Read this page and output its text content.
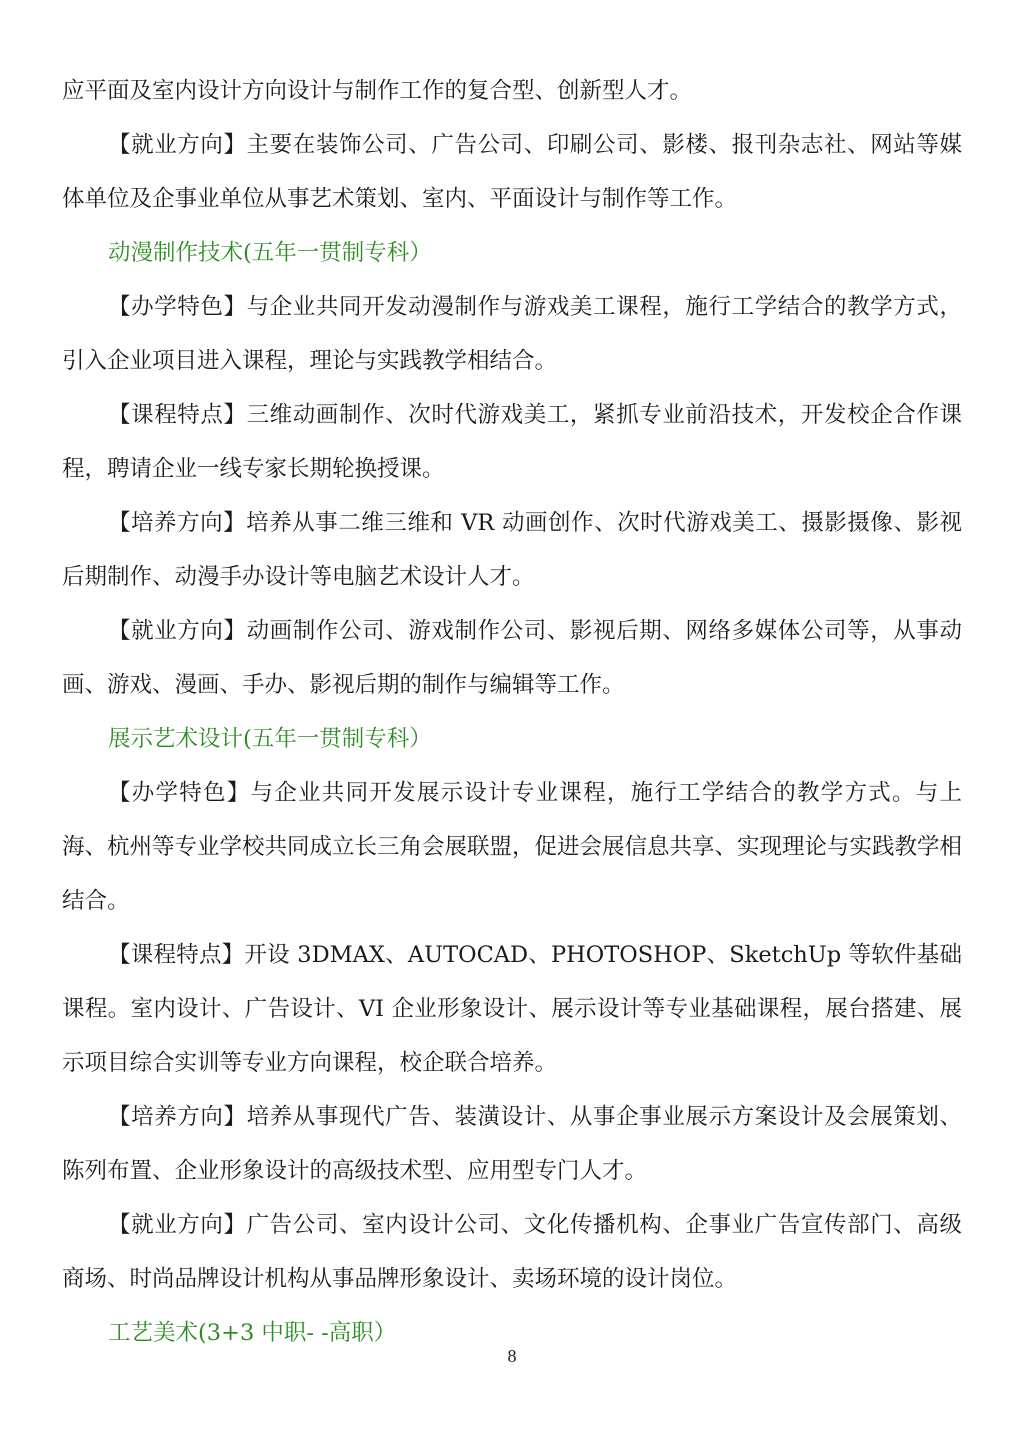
应平面及室内设计方向设计与制作工作的复合型、创新型人才。

【就业方向】主要在装饰公司、广告公司、印刷公司、影楼、报刊杂志社、网站等媒体单位及企事业单位从事艺术策划、室内、平面设计与制作等工作。

动漫制作技术(五年一贯制专科）

【办学特色】与企业共同开发动漫制作与游戏美工课程，施行工学结合的教学方式，引入企业项目进入课程，理论与实践教学相结合。

【课程特点】三维动画制作、次时代游戏美工，紧抓专业前沿技术，开发校企合作课程，聘请企业一线专家长期轮换授课。

【培养方向】培养从事二维三维和 VR 动画创作、次时代游戏美工、摄影摄像、影视后期制作、动漫手办设计等电脑艺术设计人才。

【就业方向】动画制作公司、游戏制作公司、影视后期、网络多媒体公司等，从事动画、游戏、漫画、手办、影视后期的制作与编辑等工作。

展示艺术设计(五年一贯制专科）

【办学特色】与企业共同开发展示设计专业课程，施行工学结合的教学方式。与上海、杭州等专业学校共同成立长三角会展联盟，促进会展信息共享、实现理论与实践教学相结合。

【课程特点】开设 3DMAX、AUTOCAD、PHOTOSHOP、SketchUp 等软件基础课程。室内设计、广告设计、VI 企业形象设计、展示设计等专业基础课程，展台搭建、展示项目综合实训等专业方向课程，校企联合培养。

【培养方向】培养从事现代广告、装潢设计、从事企事业展示方案设计及会展策划、陈列布置、企业形象设计的高级技术型、应用型专门人才。

【就业方向】广告公司、室内设计公司、文化传播机构、企事业广告宣传部门、高级商场、时尚品牌设计机构从事品牌形象设计、卖场环境的设计岗位。

工艺美术(3+3 中职- -高职）

8
